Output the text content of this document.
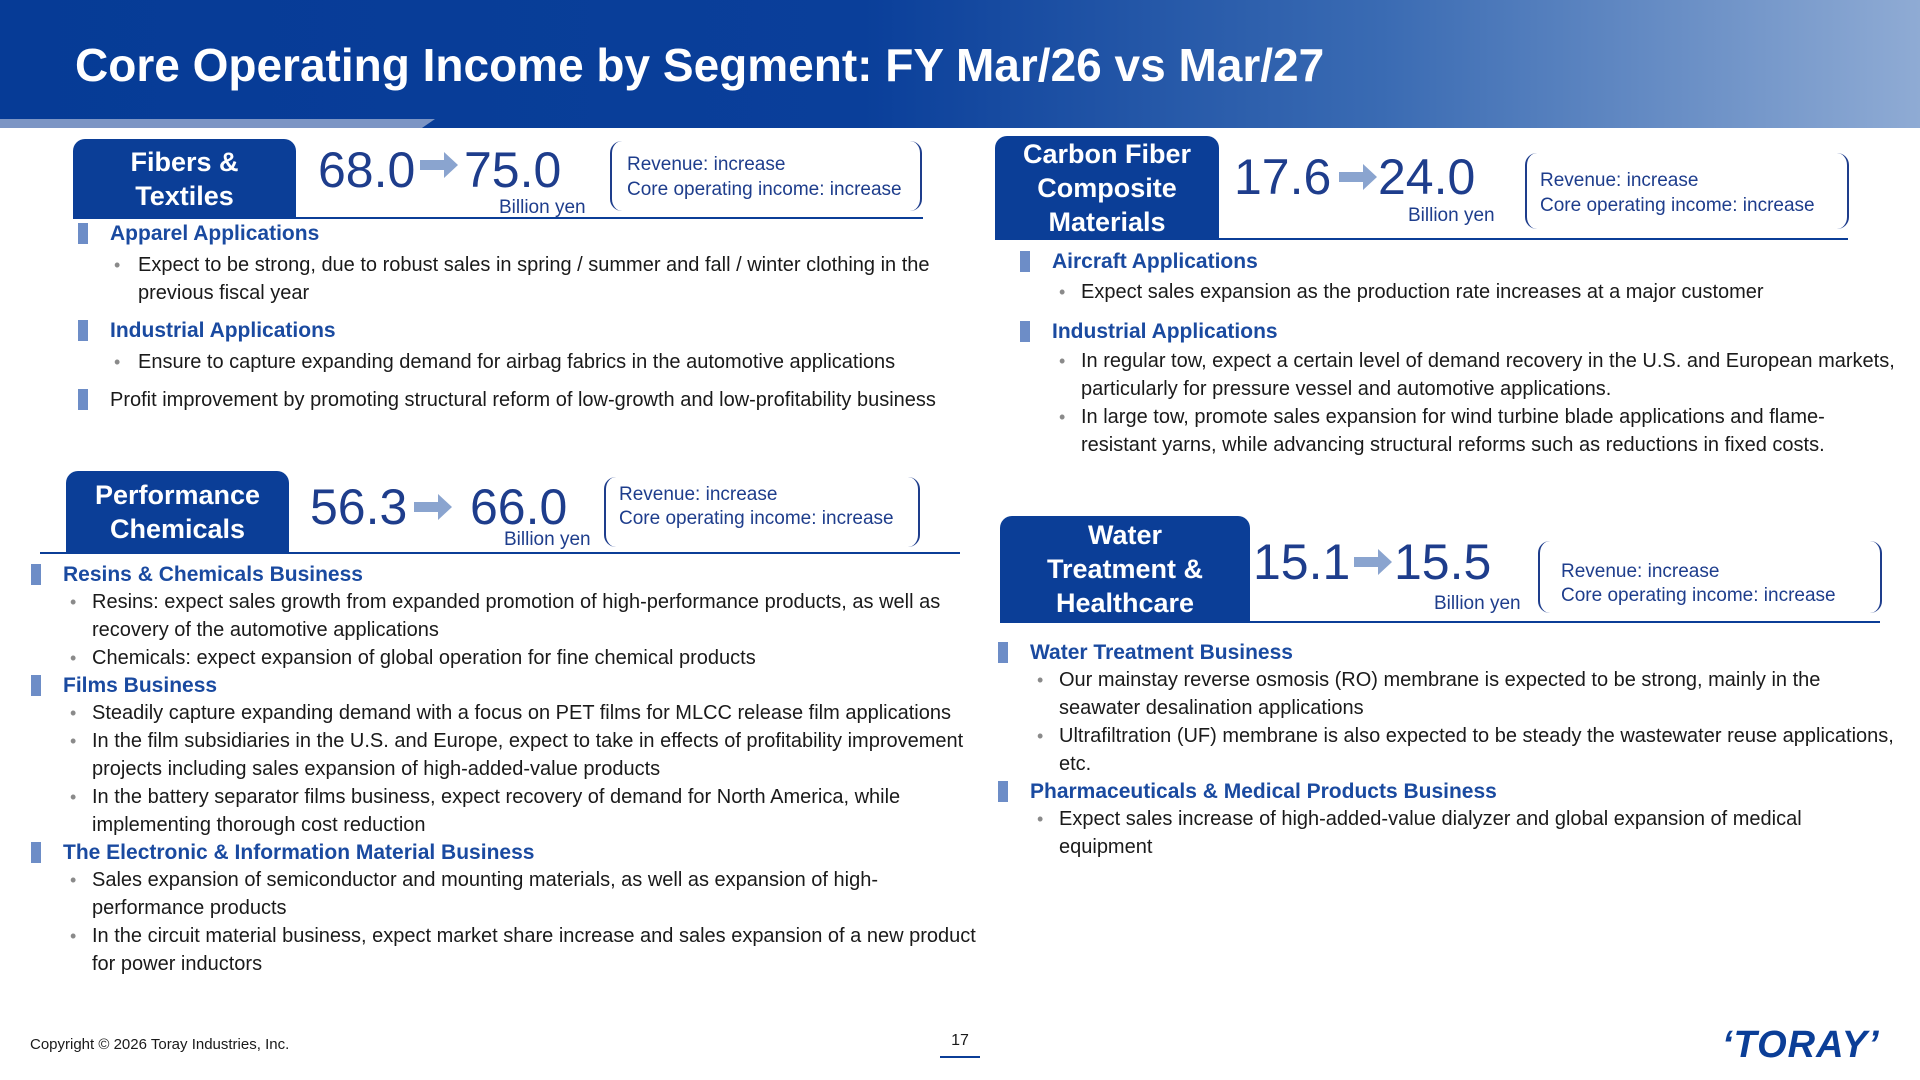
Core Operating Income by Segment: FY Mar/26 vs Mar/27
Fibers &
Textiles	68.0 75.0
Billion yen
Revenue: increase
Core operating income: increase
Apparel Applications
• Expect to be strong, due to robust sales in spring / summer and fall / winter clothing in the previous fiscal year
Industrial Applications
• Ensure to capture expanding demand for airbag fabrics in the automotive applications
Profit improvement by promoting structural reform of low-growth and low-profitability business
Performance
Chemicals	56.3 66.0
Billion yen
Revenue: increase
Core operating income: increase
Resins & Chemicals Business
• Resins: expect sales growth from expanded promotion of high-performance products, as well as recovery of the automotive applications
• Chemicals: expect expansion of global operation for fine chemical products
Films Business
• Steadily capture expanding demand with a focus on PET films for MLCC release film applications
• In the film subsidiaries in the U.S. and Europe, expect to take in effects of profitability improvement projects including sales expansion of high-added-value products
• In the battery separator films business, expect recovery of demand for North America, while implementing thorough cost reduction
The Electronic & Information Material Business
• Sales expansion of semiconductor and mounting materials, as well as expansion of high-performance products
• In the circuit material business, expect market share increase and sales expansion of a new product for power inductors
Carbon Fiber
Composite
Materials
17.6 24.0
Billion yen
Revenue: increase
Core operating income: increase
Aircraft Applications
• Expect sales expansion as the production rate increases at a major customer
Industrial Applications
• In regular tow, expect a certain level of demand recovery in the U.S. and European markets, particularly for pressure vessel and automotive applications.
• In large tow, promote sales expansion for wind turbine blade applications and flame-resistant yarns, while advancing structural reforms such as reductions in fixed costs.
Water
Treatment &
Healthcare
15.1 15.5
Billion yen
Revenue: increase
Core operating income: increase
Water Treatment Business
• Our mainstay reverse osmosis (RO) membrane is expected to be strong, mainly in the seawater desalination applications
• Ultrafiltration (UF) membrane is also expected to be steady the wastewater reuse applications, etc.
Pharmaceuticals & Medical Products Business
• Expect sales increase of high-added-value dialyzer and global expansion of medical equipment
Copyright © 2026 Toray Industries, Inc.	17	ʻTORAYʼ
